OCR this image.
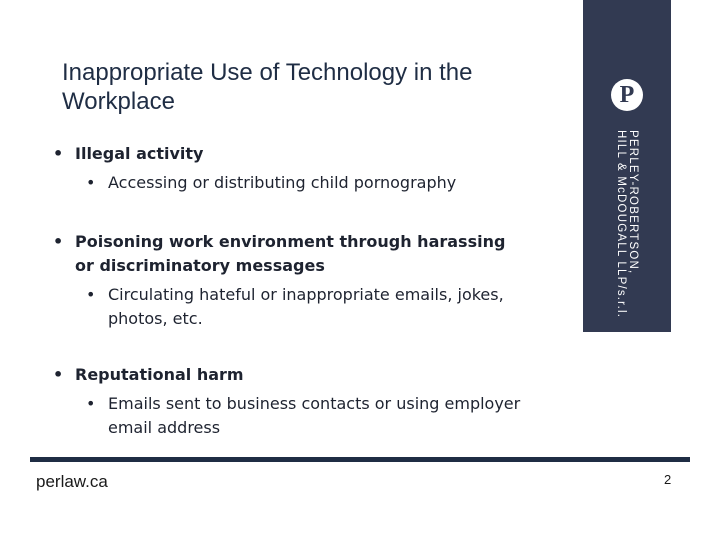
Inappropriate Use of Technology in the Workplace	P
PERLEY-ROBERTSON,
HILL & McDOUGALL LLP/s.r.l.
• Illegal activity
• Accessing or distributing child pornography
• Poisoning work environment through harassing or discriminatory messages
• Circulating hateful or inappropriate emails, jokes, photos, etc.
• Reputational harm
• Emails sent to business contacts or using employer email address
perlaw.ca	2
